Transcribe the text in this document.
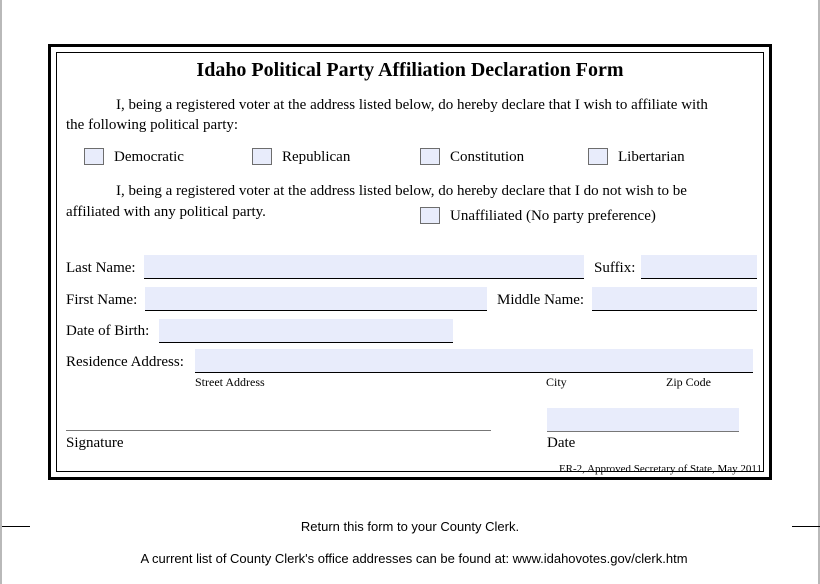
Idaho Political Party Affiliation Declaration Form
I, being a registered voter at the address listed below, do hereby declare that I wish to affiliate with
the following political party:
Democratic	Republican	Constitution	Libertarian
I, being a registered voter at the address listed below, do hereby declare that I do not wish to be
affiliated with any political party.	Unaffiliated (No party preference)
Last Name:	Suffix:
First Name:	Middle Name:
Date of Birth:
Residence Address:
Street Address	City	Zip Code
Signature	Date
ER-2, Approved Secretary of State, May 2011
Return this form to your County Clerk.
A current list of County Clerk's office addresses can be found at: www.idahovotes.gov/clerk.htm
